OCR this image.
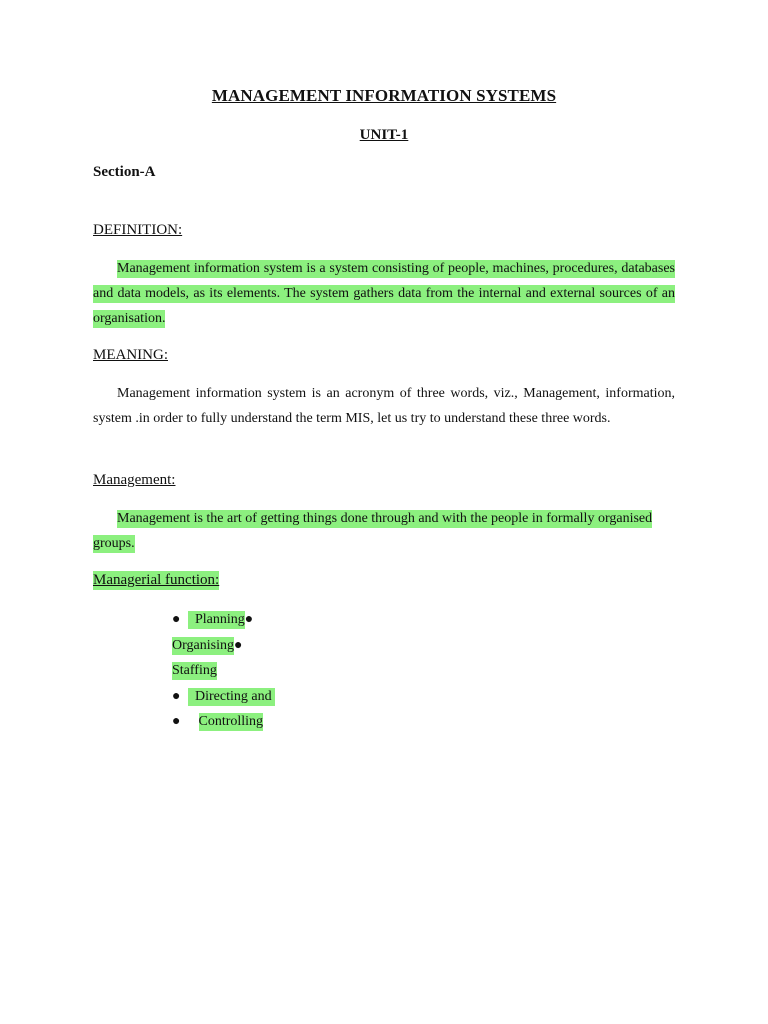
MANAGEMENT INFORMATION SYSTEMS
UNIT-1
Section-A
DEFINITION:
Management information system is a system consisting of people, machines, procedures, databases and data models, as its elements. The system gathers data from the internal and external sources of an organisation.
MEANING:
Management information system is an acronym of three words, viz., Management, information, system .in order to fully understand the term MIS, let us try to understand these three words.
Management:
Management is the art of getting things done through and with the people in formally organised groups.
Managerial function:
● Planning●
Organising●
Staffing
● Directing and
● Controlling
